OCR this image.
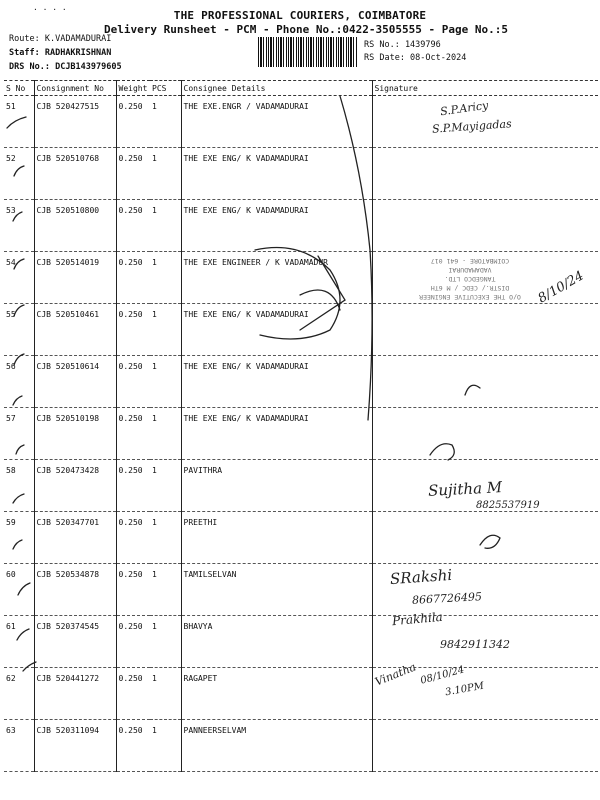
· · · ·	THE PROFESSIONAL COURIERS, COIMBATORE
Delivery Runsheet - PCM - Phone No.:0422-3505555 - Page No.:5
Route: K.VADAMADURAI
Staff: RADHAKRISHNAN
DRS No.: DCJB143979605
RS No.: 1439796
RS Date: 08-Oct-2024
S No	Consignment No	Weight	PCS	Consignee Details	Signature
51	CJB 520427515	0.250	1	THE EXE.ENGR / VADAMADURAI	
52	CJB 520510768	0.250	1	THE EXE ENG/ K VADAMADURAI	
53	CJB 520510800	0.250	1	THE EXE ENG/ K VADAMADURAI	
54	CJB 520514019	0.250	1	THE EXE ENGINEER / K VADAMADUR	
55	CJB 520510461	0.250	1	THE EXE ENG/ K VADAMADURAI	
56	CJB 520510614	0.250	1	THE EXE ENG/ K VADAMADURAI	
57	CJB 520510198	0.250	1	THE EXE ENG/ K VADAMADURAI	
58	CJB 520473428	0.250	1	PAVITHRA	
59	CJB 520347701	0.250	1	PREETHI	
60	CJB 520534878	0.250	1	TAMILSELVAN	
61	CJB 520374545	0.250	1	BHAVYA	
62	CJB 520441272	0.250	1	RAGAPET	
63	CJB 520311094	0.250	1	PANNEERSELVAM	
S.P.Aricy
S.P.Mayigadas
8/10/24
Sujitha M
8825537919
SRakshi
8667726495
Prakhila
9842911342
Vinatha 08/10/24
3.10PM
O/O THE EXECUTIVE ENGINEER
DISTR./ CEDC / M 6TH
TANGEDCO LTD.
VADAMADURAI
COIMBATORE - 641 017
